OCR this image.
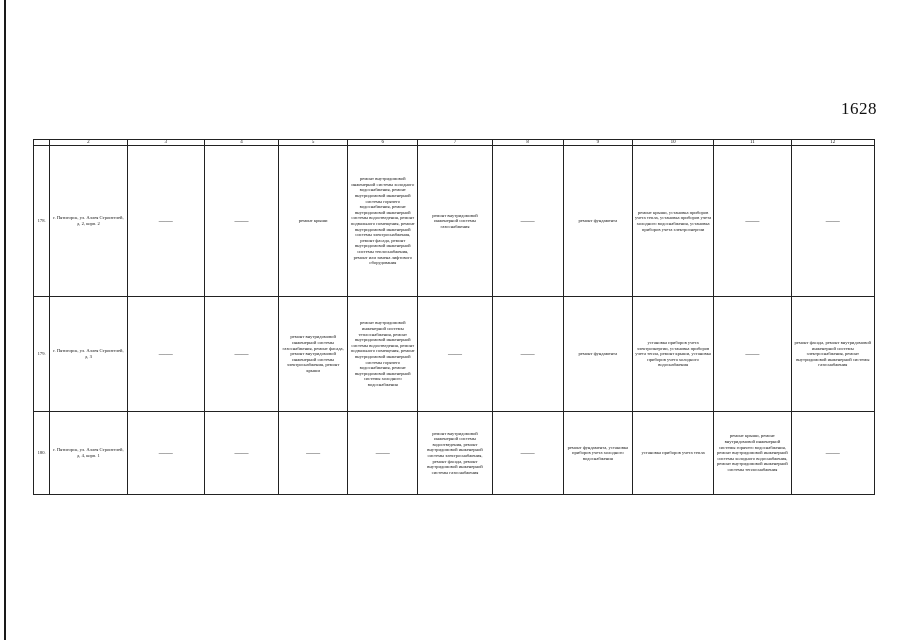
1628
	2	3	4	5	6	7	8	9	10	11	12
178.	г. Пятигорск, ул. Аллея Строителей, д. 2, корп. 2	——	——	ремонт крыши	ремонт внутридомовой инженерной системы холодного водоснабжения, ремонт внутридомовой инженерной системы горячего водоснабжения, ремонт внутридомовой инженерной системы водоотведения, ремонт подвального помещения, ремонт внутридомовой инженерной системы электроснабжения, ремонт фасада, ремонт внутридомовой инженерной системы теплоснабжения, ремонт или замена лифтового оборудования	ремонт внутридомовой инженерной системы газоснабжения	——	ремонт фундамента	ремонт крыши, установка приборов учета тепла, установка приборов учета холодного водоснабжения, установка приборов учета электроэнергии	——	——
179.	г. Пятигорск, ул. Аллея Строителей, д. 3	——	——	ремонт внутридомовой инженерной системы газоснабжения, ремонт фасада, ремонт внутридомовой инженерной системы электроснабжения, ремонт крыши	ремонт внутридомовой инженерной системы теплоснабжения, ремонт внутридомовой инженерной системы водоотведения, ремонт подвального помещения, ремонт внутридомовой инженерной системы горячего водоснабжения, ремонт внутридомовой инженерной системы холодного водоснабжения	——	——	ремонт фундамента	установка приборов учета электроэнергии, установка приборов учета тепла, ремонт крыши, установка приборов учета холодного водоснабжения	——	ремонт фасада, ремонт внутридомовой инженерной системы электроснабжения, ремонт внутридомовой инженерной системы газоснабжения
180.	г. Пятигорск, ул. Аллея Строителей, д. 4, корп. 1	——	——	——	——	ремонт внутридомовой инженерной системы водоотведения, ремонт внутридомовой инженерной системы электроснабжения, ремонт фасада, ремонт внутридомовой инженерной системы газоснабжения	——	ремонт фундамента, установка приборов учета холодного водоснабжения	установка приборов учета тепла	ремонт крыши, ремонт внутридомовой инженерной системы горячего водоснабжения, ремонт внутридомовой инженерной системы холодного водоснабжения, ремонт внутридомовой инженерной системы теплоснабжения	——
